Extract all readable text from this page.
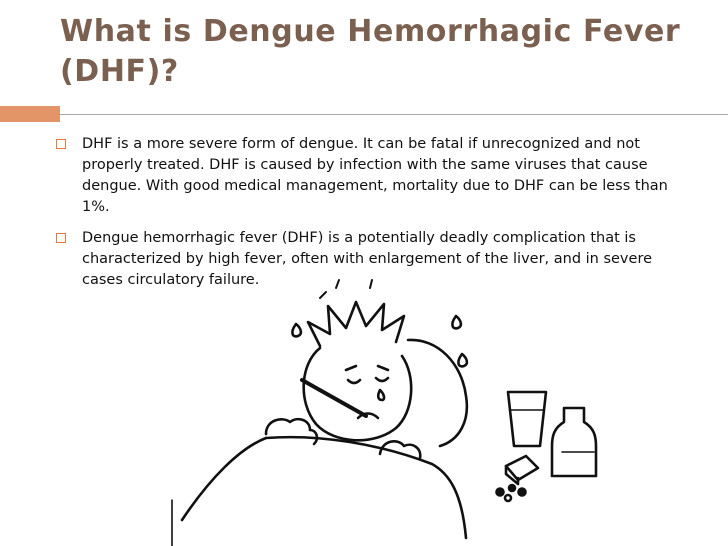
What is Dengue Hemorrhagic Fever (DHF)?
DHF is a more severe form of dengue. It can be fatal if unrecognized and not properly treated. DHF is caused by infection with the same viruses that cause dengue. With good medical management, mortality due to DHF can be less than 1%.
Dengue hemorrhagic fever (DHF) is a potentially deadly complication that is characterized by high fever, often with enlargement of the liver, and in severe cases circulatory failure.
